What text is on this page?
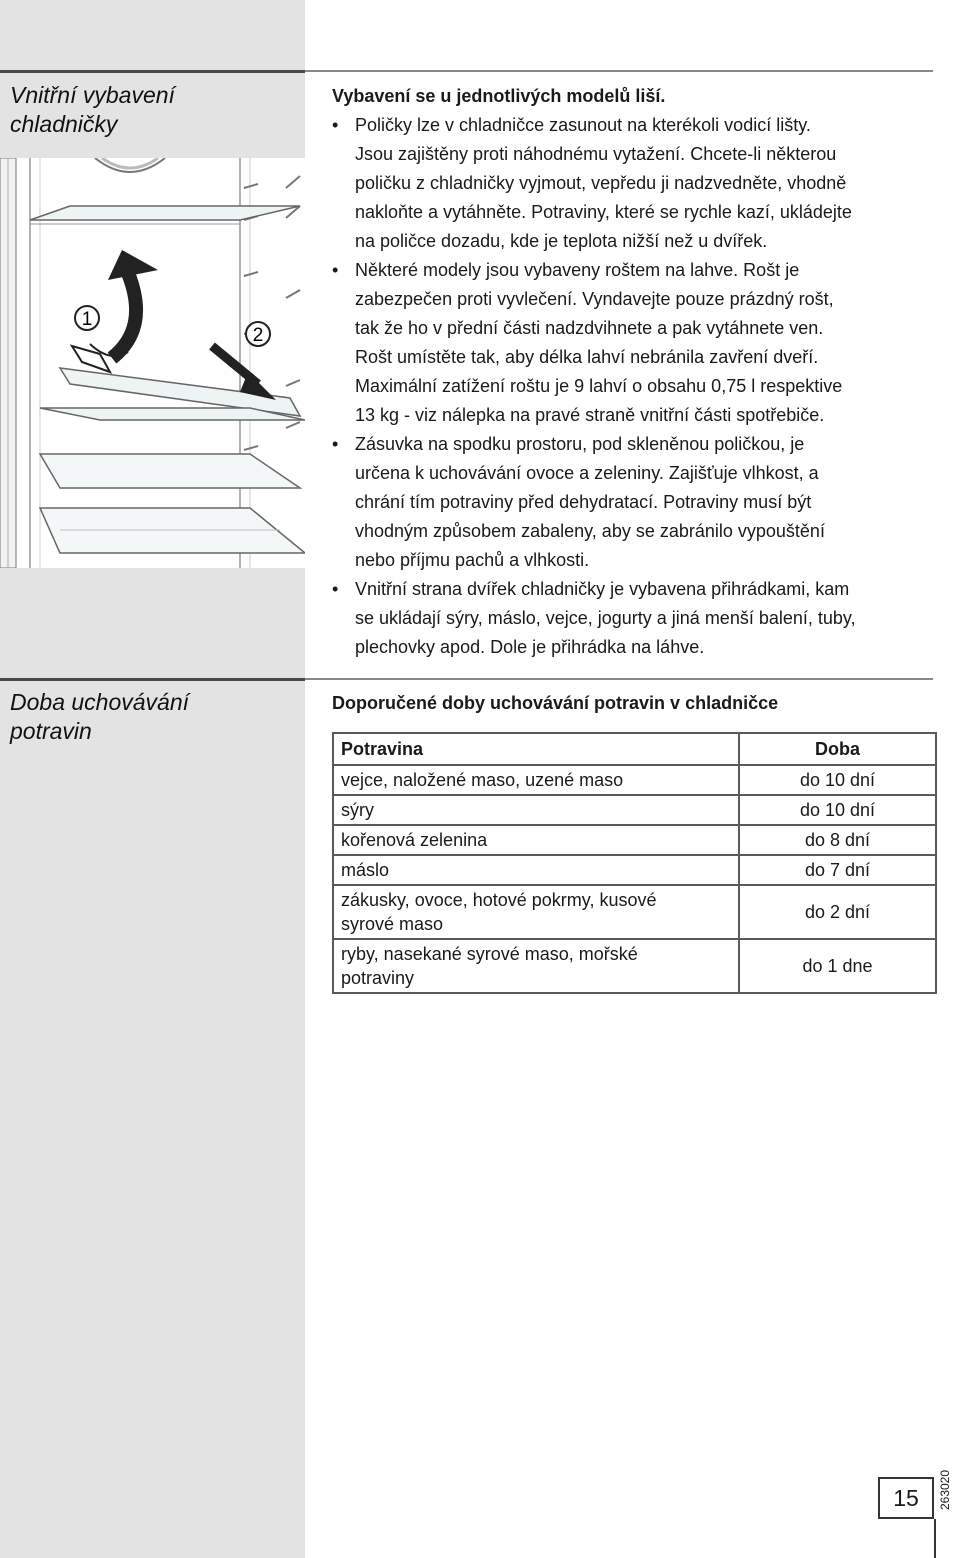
Vnitřní vybavení
chladničky
Doba uchovávání
potravin
1
2

Vybavení se u jednotlivých modelů liší.

• Poličky lze v chladničce zasunout na kterékoli vodicí lišty.
Jsou zajištěny proti náhodnému vytažení. Chcete-li některou
poličku z chladničky vyjmout, vepředu ji nadzvedněte, vhodně
nakloňte a vytáhněte. Potraviny, které se rychle kazí, ukládejte
na poličce dozadu, kde je teplota nižší než u dvířek.
• Některé modely jsou vybaveny roštem na lahve. Rošt je
zabezpečen proti vyvlečení. Vyndavejte pouze prázdný rošt,
tak že ho v přední části nadzdvihnete a pak vytáhnete ven.
Rošt umístěte tak, aby délka lahví nebránila zavření dveří.
Maximální zatížení roštu je 9 lahví o obsahu 0,75 l respektive
13 kg - viz nálepka na pravé straně vnitřní části spotřebiče.
• Zásuvka na spodku prostoru, pod skleněnou poličkou, je
určena k uchovávání ovoce a zeleniny. Zajišťuje vlhkost, a
chrání tím potraviny před dehydratací. Potraviny musí být
vhodným způsobem zabaleny, aby se zabránilo vypouštění
nebo příjmu pachů a vlhkosti.
• Vnitřní strana dvířek chladničky je vybavena přihrádkami, kam
se ukládají sýry, máslo, vejce, jogurty a jiná menší balení, tuby,
plechovky apod. Dole je přihrádka na láhve.
Doporučené doby uchovávání potravin v chladničce
Potravina	Doba

vejce, naložené maso, uzené maso	do 10 dní

sýry	do 10 dní

kořenová zelenina	do 8 dní

máslo	do 7 dní

zákusky, ovoce, hotové pokrmy, kusové
syrové maso	do 2 dní

ryby, nasekané syrové maso, mořské
potraviny	do 1 dne
263020
15
